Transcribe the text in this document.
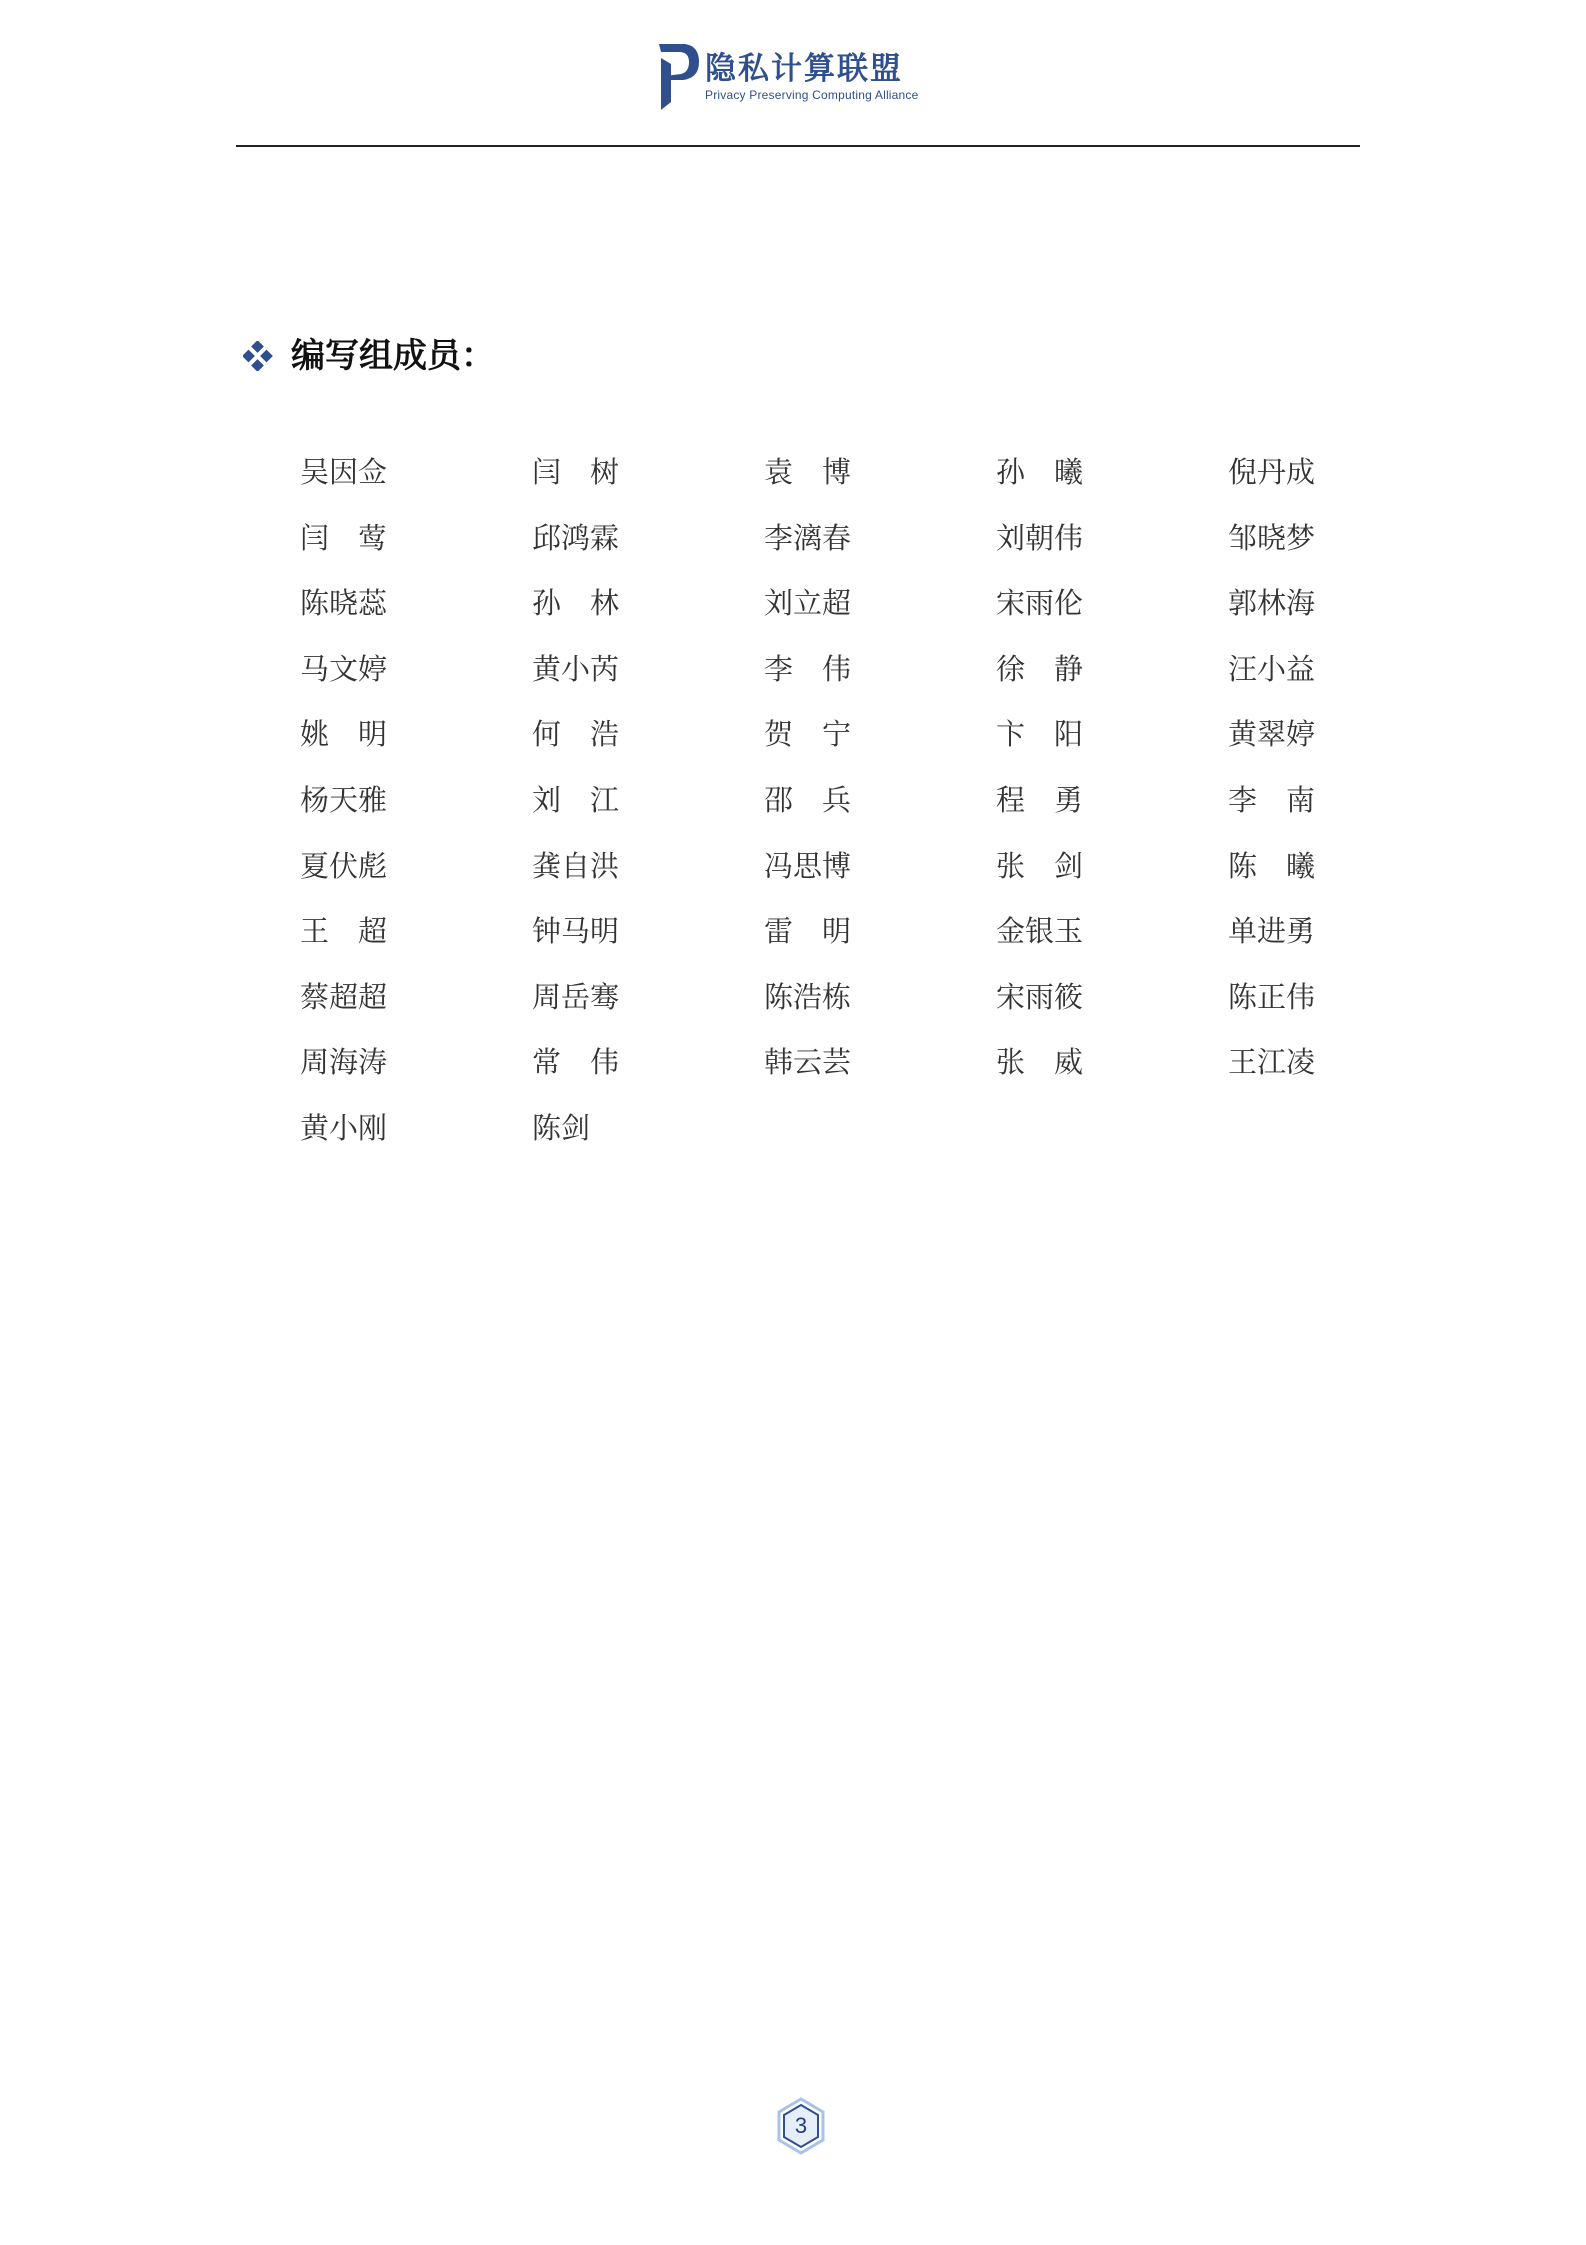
隐私计算联盟
Privacy Preserving Computing Alliance
编写组成员：
吴因佥	闫　树	袁　博	孙　曦	倪丹成
闫　莺	邱鸿霖	李漓春	刘朝伟	邹晓梦
陈晓蕊	孙　林	刘立超	宋雨伦	郭林海
马文婷	黄小芮	李　伟	徐　静	汪小益
姚　明	何　浩	贺　宁	卞　阳	黄翠婷
杨天雅	刘　江	邵　兵	程　勇	李　南
夏伏彪	龚自洪	冯思博	张　剑	陈　曦
王　超	钟马明	雷　明	金银玉	单进勇
蔡超超	周岳骞	陈浩栋	宋雨筱	陈正伟
周海涛	常　伟	韩云芸	张　威	王江凌
黄小刚	陈剑
3
